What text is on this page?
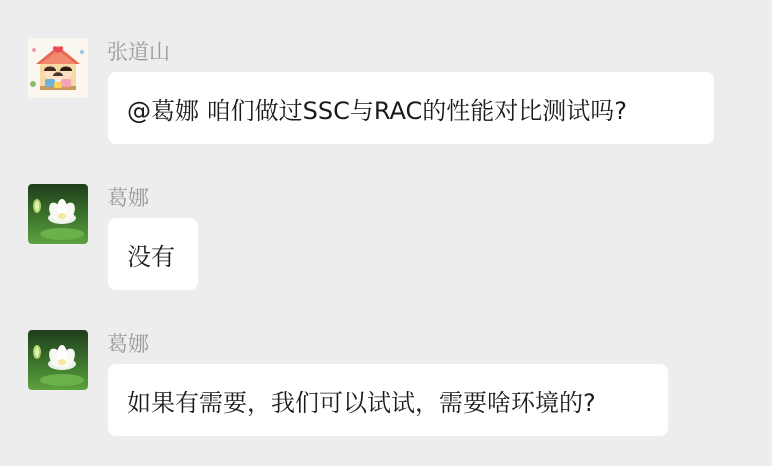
张道山
@葛娜 咱们做过SSC与RAC的性能对比测试吗?
葛娜
没有
葛娜
如果有需要，我们可以试试，需要啥环境的?
